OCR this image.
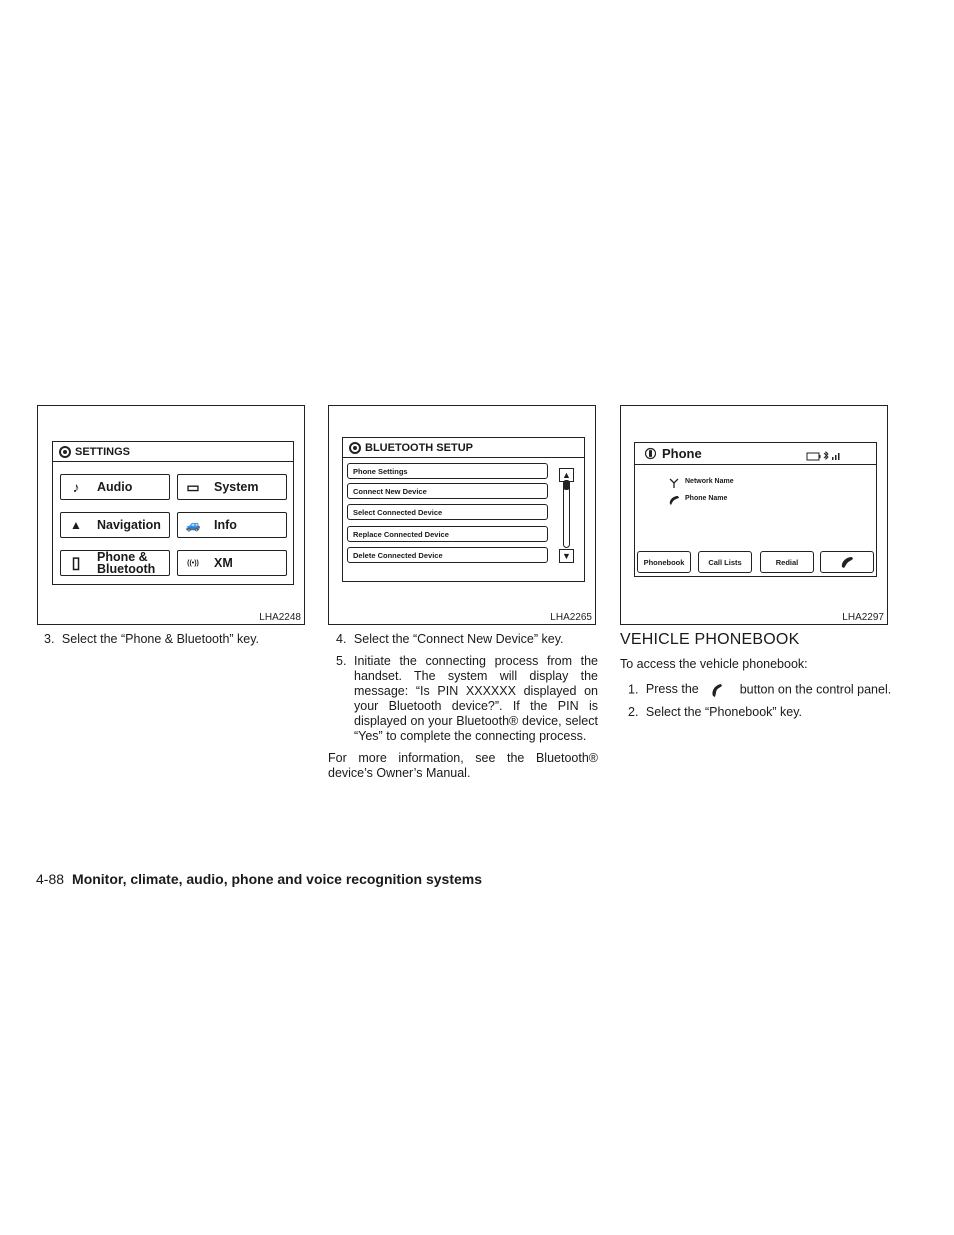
SETTINGS
♪	Audio	▭	System
▲	Navigation	🚙	Info
▯	Phone &
Bluetooth	((•))	XM
LHA2248
BLUETOOTH SETUP
Phone Settings
Connect New Device
Select Connected Device
Replace Connected Device
Delete Connected Device
▲
▼
LHA2265
Phone
Network Name
Phone Name
Phonebook	Call Lists	Redial
LHA2297
3. Select the “Phone & Bluetooth” key.	4. Select the “Connect New Device” key.
5. Initiate the connecting process from the handset. The system will display the message: “Is PIN XXXXXX displayed on your Bluetooth device?”. If the PIN is displayed on your Bluetooth® device, select “Yes” to complete the connecting process.
For more information, see the Bluetooth® device’s Owner’s Manual.
VEHICLE PHONEBOOK
To access the vehicle phonebook:
1. Press the	button on the control panel.
2. Select the “Phonebook” key.
4-88 Monitor, climate, audio, phone and voice recognition systems
